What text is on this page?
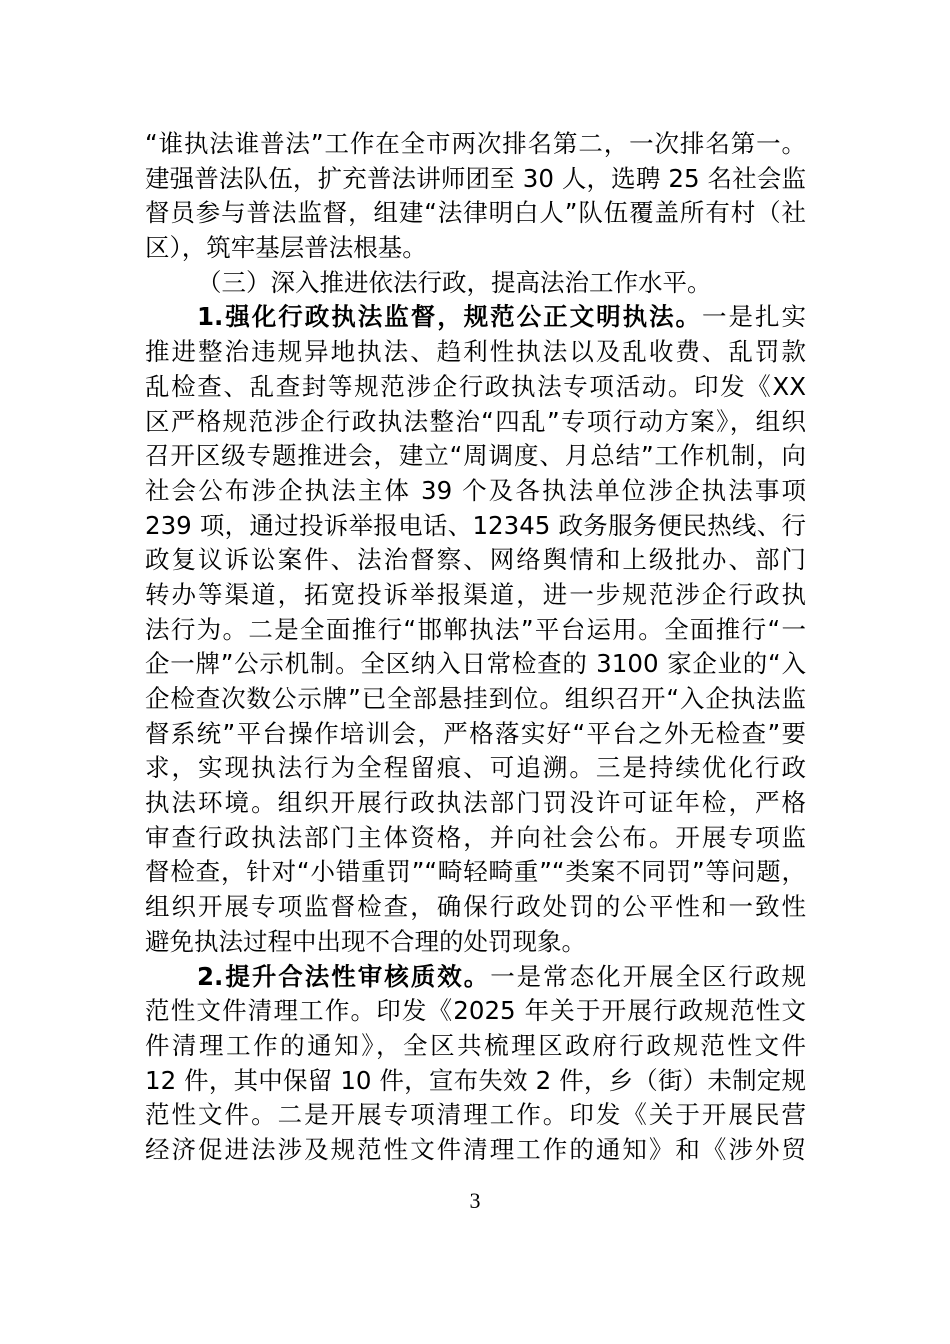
“谁执法谁普法”工作在全市两次排名第二，一次排名第一。
建强普法队伍，扩充普法讲师团至 30 人，选聘 25 名社会监
督员参与普法监督，组建“法律明白人”队伍覆盖所有村（社
区），筑牢基层普法根基。
（三）深入推进依法行政，提高法治工作水平。
1.强化行政执法监督，规范公正文明执法。一是扎实
推进整治违规异地执法、趋利性执法以及乱收费、乱罚款
乱检查、乱查封等规范涉企行政执法专项活动。印发《XX
区严格规范涉企行政执法整治“四乱”专项行动方案》，组织
召开区级专题推进会，建立“周调度、月总结”工作机制，向
社会公布涉企执法主体 39 个及各执法单位涉企执法事项
239 项，通过投诉举报电话、12345 政务服务便民热线、行
政复议诉讼案件、法治督察、网络舆情和上级批办、部门
转办等渠道，拓宽投诉举报渠道，进一步规范涉企行政执
法行为。二是全面推行“邯郸执法”平台运用。全面推行“一
企一牌”公示机制。全区纳入日常检查的 3100 家企业的“入
企检查次数公示牌”已全部悬挂到位。组织召开“入企执法监
督系统”平台操作培训会，严格落实好“平台之外无检查”要
求，实现执法行为全程留痕、可追溯。三是持续优化行政
执法环境。组织开展行政执法部门罚没许可证年检，严格
审查行政执法部门主体资格，并向社会公布。开展专项监
督检查，针对“小错重罚”“畸轻畸重”“类案不同罚”等问题，
组织开展专项监督检查，确保行政处罚的公平性和一致性
避免执法过程中出现不合理的处罚现象。
2.提升合法性审核质效。一是常态化开展全区行政规
范性文件清理工作。印发《2025 年关于开展行政规范性文
件清理工作的通知》，全区共梳理区政府行政规范性文件
12 件，其中保留 10 件，宣布失效 2 件，乡（街）未制定规
范性文件。二是开展专项清理工作。印发《关于开展民营
经济促进法涉及规范性文件清理工作的通知》和《涉外贸
3
